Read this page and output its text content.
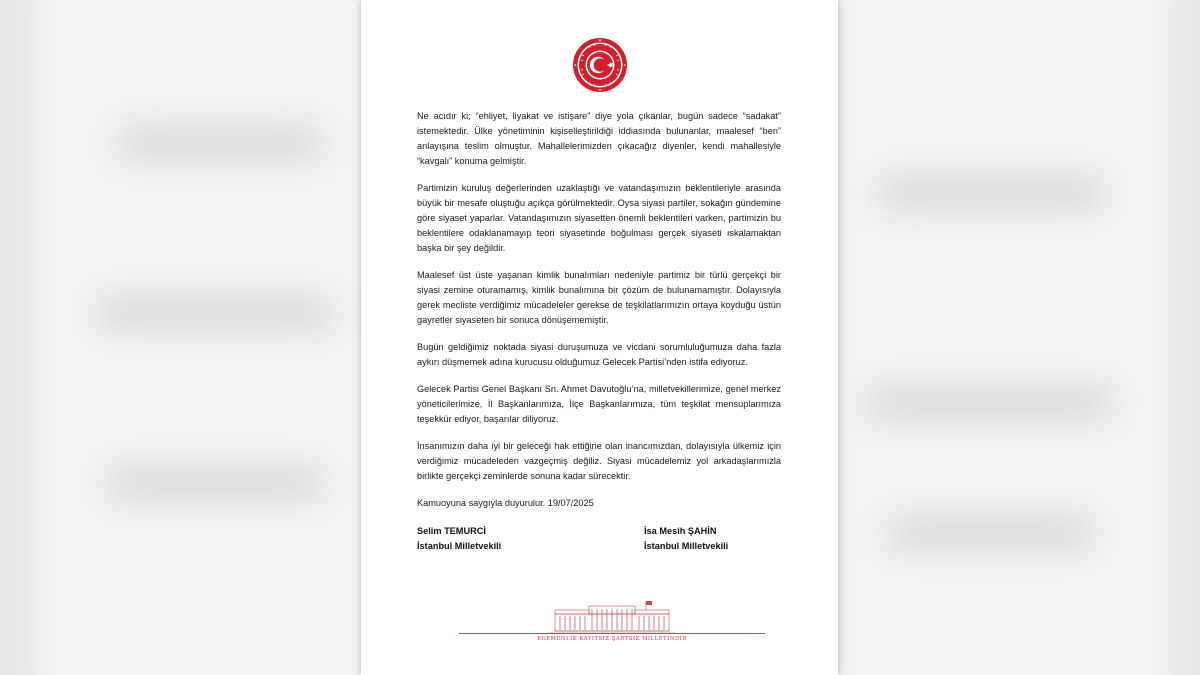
Ne acıdır ki; “ehliyet, liyakat ve istişare” diye yola çıkanlar, bugün sadece “sadakat” istemektedir. Ülke yönetiminin kişiselleştirildiği iddiasında bulunanlar, maalesef “ben” anlayışına teslim olmuştur. Mahallelerimizden çıkacağız diyenler, kendi mahallesiyle “kavgalı” konuma gelmiştir.

Partimizin kuruluş değerlerinden uzaklaştığı ve vatandaşımızın beklentileriyle arasında büyük bir mesafe oluştuğu açıkça görülmektedir. Oysa siyasi partiler, sokağın gündemine göre siyaset yaparlar. Vatandaşımızın siyasetten önemli beklentileri varken, partimizin bu beklentilere odaklanamayıp teori siyasetinde boğulması gerçek siyaseti ıskalamaktan başka bir şey değildir.

Maalesef üst üste yaşanan kimlik bunalımları nedeniyle partimiz bir türlü gerçekçi bir siyasi zemine oturamamış, kimlik bunalımına bir çözüm de bulunamamıştır. Dolayısıyla gerek mecliste verdiğimiz mücadeleler gerekse de teşkilatlarımızın ortaya koyduğu üstün gayretler siyaseten bir sonuca dönüşememiştir.

Bugün geldiğimiz noktada siyasi duruşumuza ve vicdani sorumluluğumuza daha fazla aykırı düşmemek adına kurucusu olduğumuz Gelecek Partisi’nden istifa ediyoruz.

Gelecek Partisi Genel Başkanı Sn. Ahmet Davutoğlu’na, milletvekillerimize, genel merkez yöneticilerimize, İl Başkanlarımıza, İlçe Başkanlarımıza, tüm teşkilat mensuplarımıza teşekkür ediyor, başarılar diliyoruz.

İnsanımızın daha iyi bir geleceği hak ettiğine olan inancımızdan, dolayısıyla ülkemiz için verdiğimiz mücadeleden vazgeçmiş değiliz. Siyasi mücadelemiz yol arkadaşlarımızla birlikte gerçekçi zeminlerde sonuna kadar sürecektir.

Kamuoyuna saygıyla duyurulur. 19/07/2025

Selim TEMURCİ
İstanbul Milletvekili
İsa Mesih ŞAHİN
İstanbul Milletvekili
EGEMENLİK KAYITSIZ ŞARTSIZ MİLLETİNDİR
